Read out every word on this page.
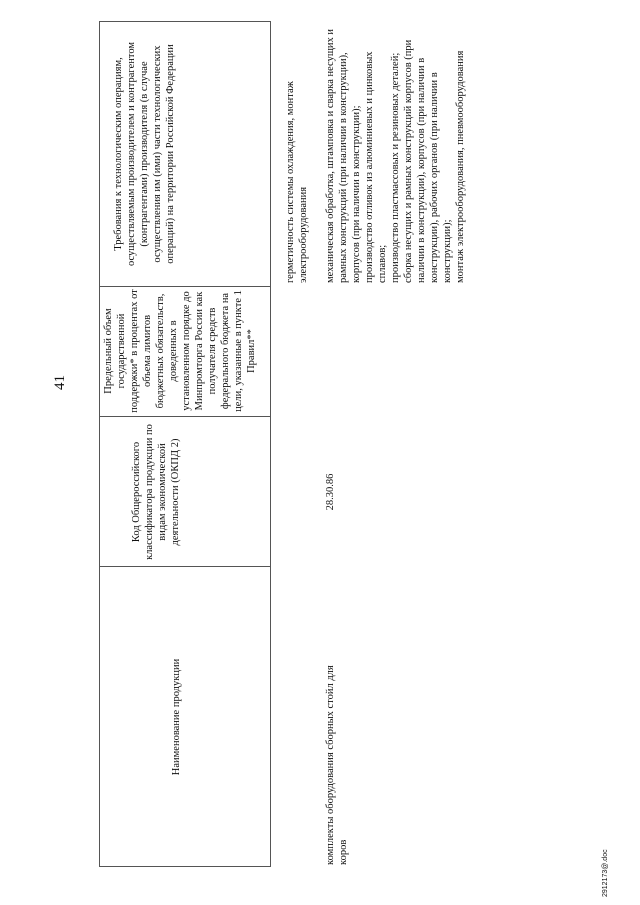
41

Наименование продукции

Код Общероссийского классификатора продукции по видам экономической деятельности (ОКПД 2)

Предельный объем государственной поддержки* в процентах от объема лимитов бюджетных обязательств, доведенных в установленном порядке до Минпромторга России как получателя средств федерального бюджета на цели, указанные в пункте 1 Правил**

Требования к технологическим операциям, осуществляемым производителем и контрагентом (контрагентами) производителя (в случае осуществления им (ими) части технологических операций) на территории Российской Федерации	герметичность системы охлаждения, монтаж электрооборудования

комплекты оборудования сборных стойл для коров

28.30.86

механическая обработка, штамповка и сварка несущих и рамных конструкций (при наличии в конструкции), корпусов (при наличии в конструкции); производство отливок из алюминиевых и цинковых сплавов; производство пластмассовых и резиновых деталей; сборка несущих и рамных конструкций корпусов (при наличии в конструкции), корпусов (при наличии в конструкции), рабочих органов (при наличии в конструкции); монтаж электрооборудования, пневмооборудования

2912173@.doc
